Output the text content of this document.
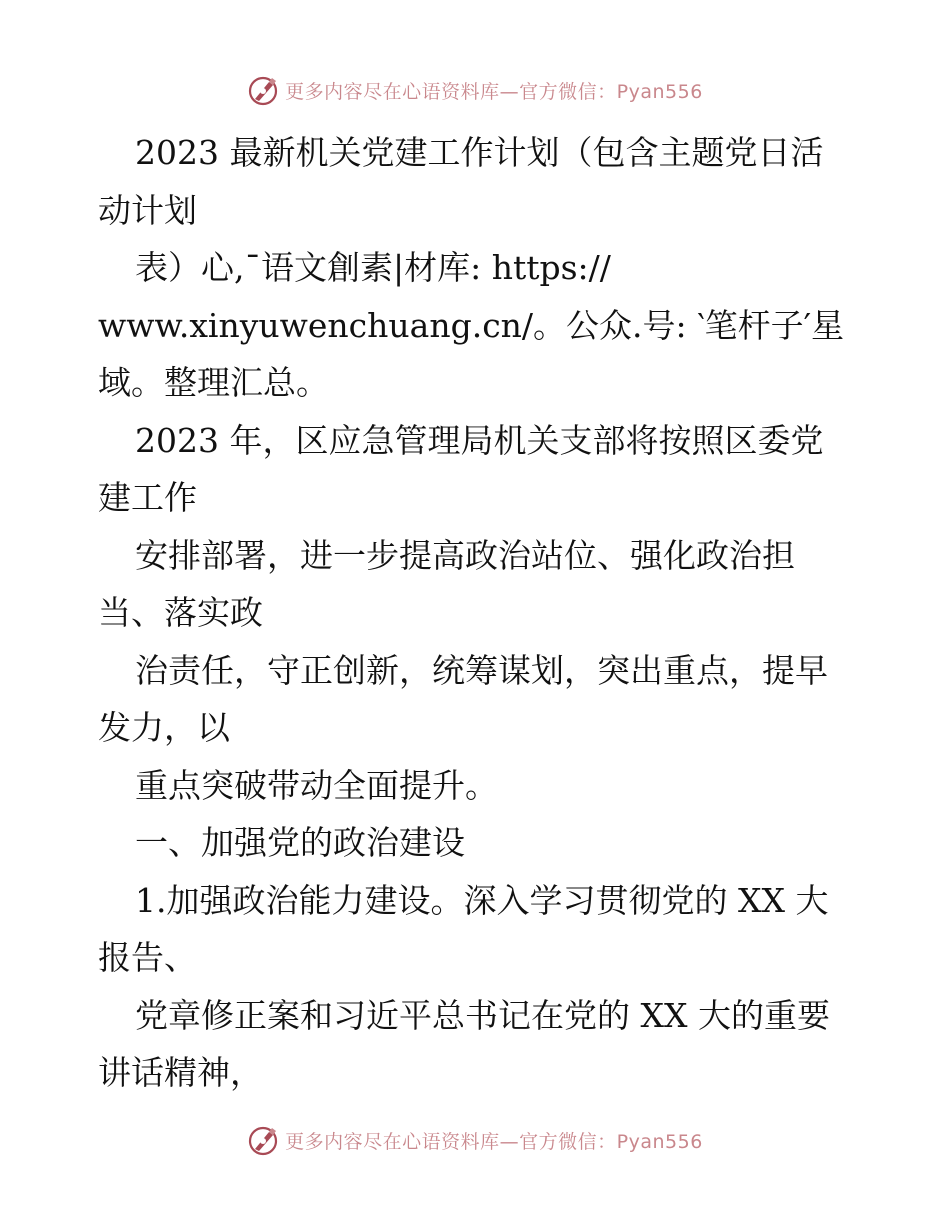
更多内容尽在心语资料库—官方微信：Pyan556

2023 最新机关党建工作计划（包含主题党日活

动计划

表）心,¯语文創素|材库: https://

www.xinyuwenchuang.cn/。公众.号: ‵笔杆子′星

域。整理汇总。

2023 年，区应急管理局机关支部将按照区委党

建工作

安排部署，进一步提高政治站位、强化政治担

当、落实政

治责任，守正创新，统筹谋划，突出重点，提早

发力，以

重点突破带动全面提升。

一、加强党的政治建设

1.加强政治能力建设。深入学习贯彻党的 XX 大

报告、

党章修正案和习近平总书记在党的 XX 大的重要

讲话精神，

更多内容尽在心语资料库—官方微信：Pyan556
